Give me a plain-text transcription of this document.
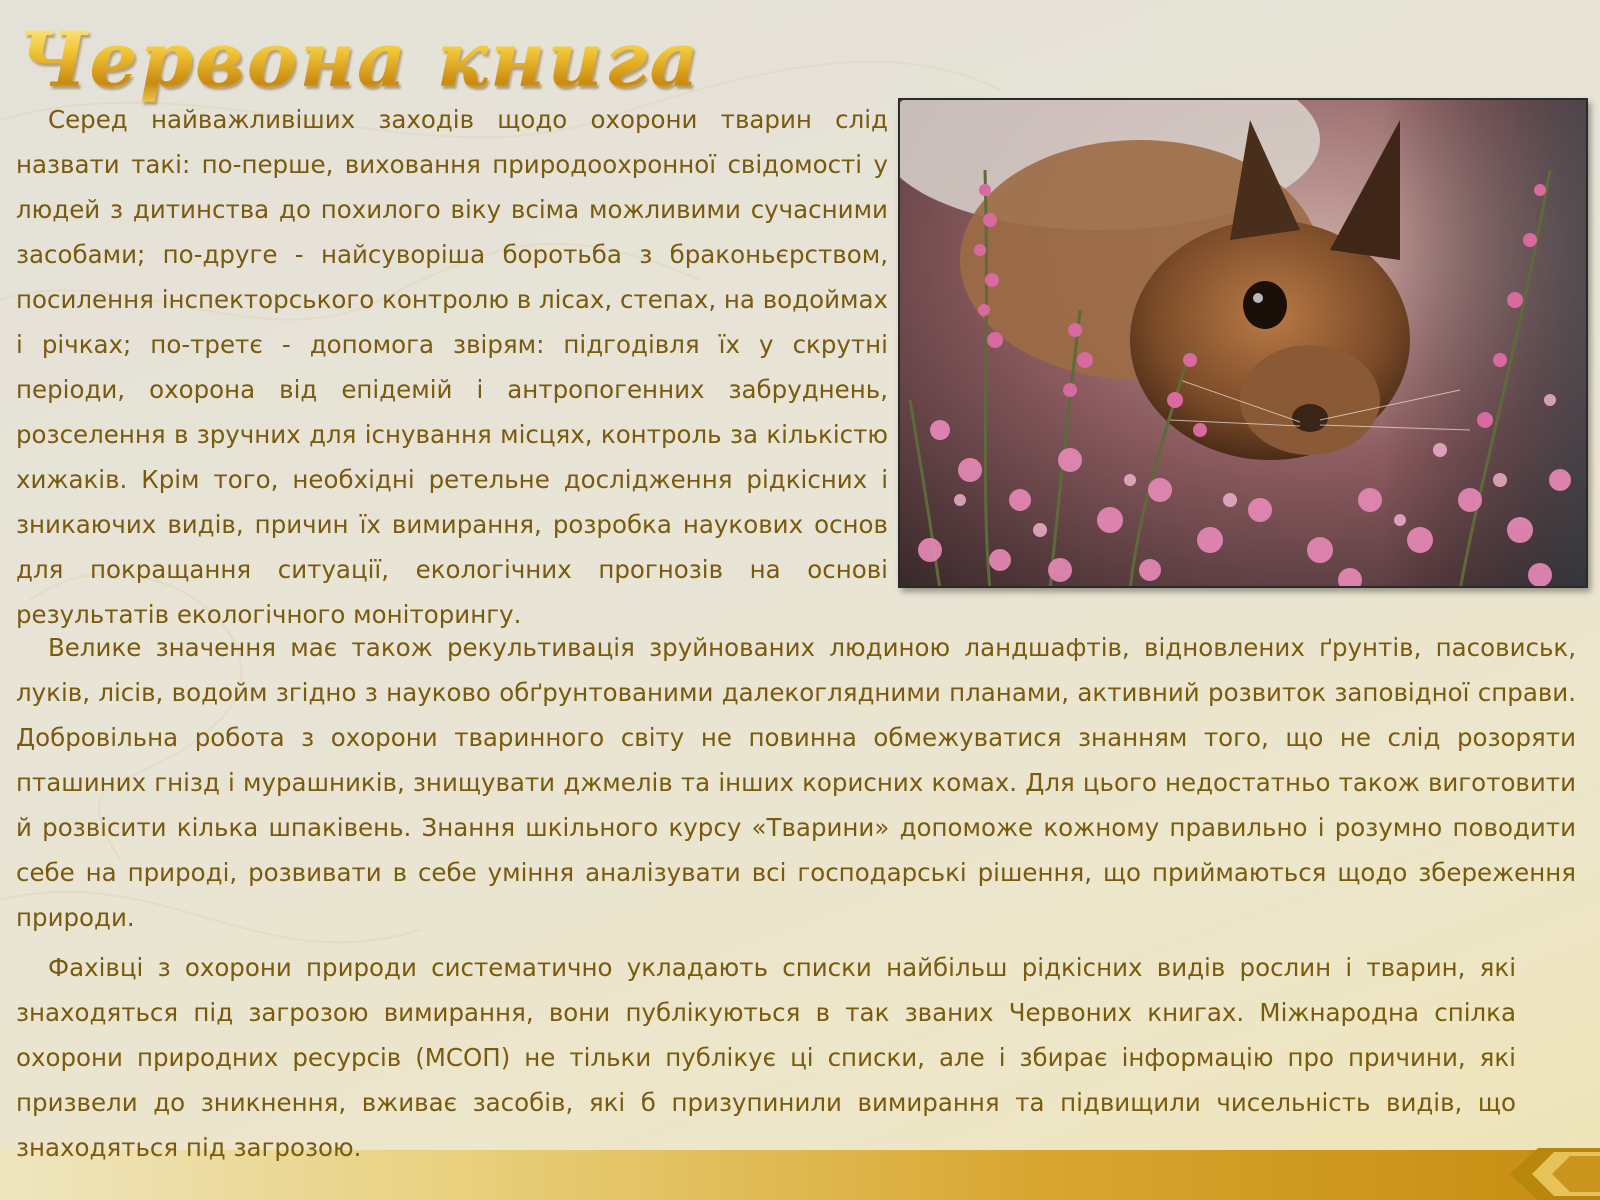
Червона книга

Серед найважливіших заходів щодо охорони тварин слід назвати такі: по-перше, виховання природоохронної свідомості у людей з дитинства до похилого віку всіма можливими сучасними засобами; по-друге - найсуворіша боротьба з браконьєрством, посилення інспекторського контролю в лісах, степах, на водоймах і річках; по-третє - допомога звірям: підгодівля їх у скрутні періоди, охорона від епідемій і антропогенних забруднень, розселення в зручних для існування місцях, контроль за кількістю хижаків. Крім того, необхідні ретельне дослідження рідкісних і зникаючих видів, причин їх вимирання, розробка наукових основ для покращання ситуації, екологічних прогнозів на основі результатів екологічного моніторингу.

Велике значення має також рекультивація зруйнованих людиною ландшафтів, відновлених ґрунтів, пасовиськ, луків, лісів, водойм згідно з науково обґрунтованими далекоглядними планами, активний розвиток заповідної справи. Добровільна робота з охорони тваринного світу не повинна обмежуватися знанням того, що не слід розоряти пташиних гнізд і мурашників, знищувати джмелів та інших корисних комах. Для цього недостатньо також виготовити й розвісити кілька шпаківень. Знання шкільного курсу «Тварини» допоможе кожному правильно і розумно поводити себе на природі, розвивати в себе уміння аналізувати всі господарські рішення, що приймаються щодо збереження природи.

Фахівці з охорони природи систематично укладають списки найбільш рідкісних видів рослин і тварин, які знаходяться під загрозою вимирання, вони публікуються в так званих Червоних книгах. Міжнародна спілка охорони природних ресурсів (МСОП) не тільки публікує ці списки, але і збирає інформацію про причини, які призвели до зникнення, вживає засобів, які б призупинили вимирання та підвищили чисельність видів, що знаходяться під загрозою.
